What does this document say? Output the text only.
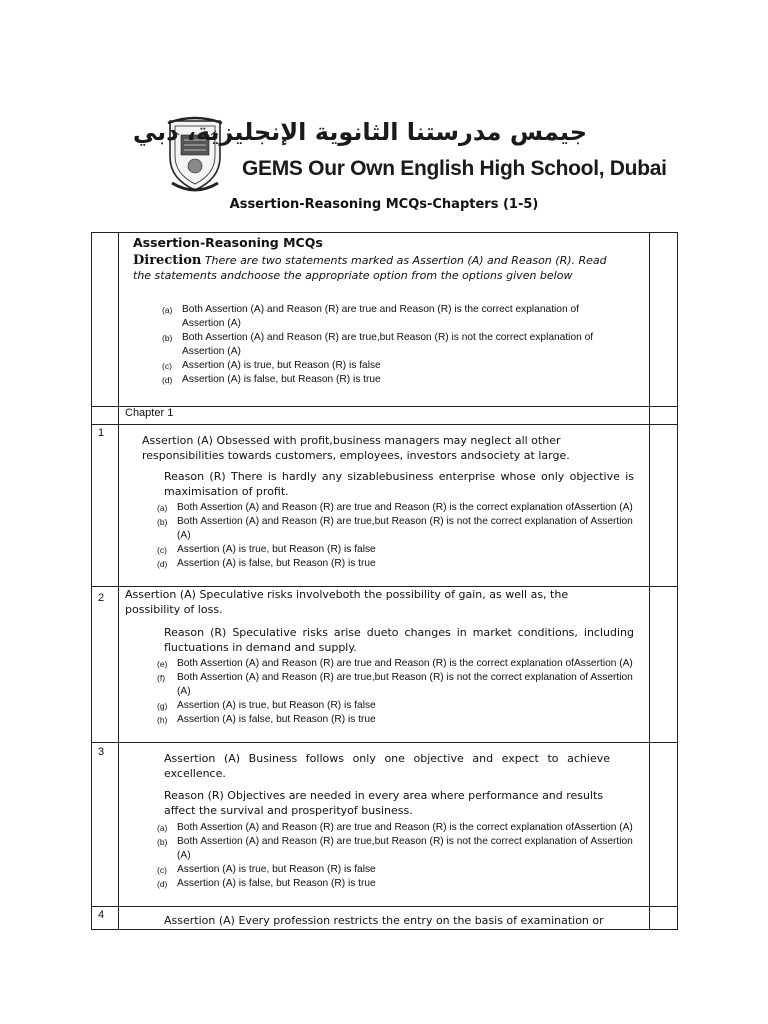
جيمس مدرستنا الثانوية الإنجليزية، دبي
GEMS Our Own English High School, Dubai
Assertion-Reasoning MCQs-Chapters (1-5)
Assertion-Reasoning MCQs
Direction There are two statements marked as Assertion (A) and Reason (R). Read the statements andchoose the appropriate option from the options given below
(a) Both Assertion (A) and Reason (R) are true and Reason (R) is the correct explanation of Assertion (A)
(b) Both Assertion (A) and Reason (R) are true,but Reason (R) is not the correct explanation of Assertion (A)
(c) Assertion (A) is true, but Reason (R) is false
(d) Assertion (A) is false, but Reason (R) is true
Chapter 1
1
Assertion (A) Obsessed with profit,business managers may neglect all other responsibilities towards customers, employees, investors andsociety at large.
Reason (R) There is hardly any sizablebusiness enterprise whose only objective is maximisation of profit.
(a) Both Assertion (A) and Reason (R) are true and Reason (R) is the correct explanation ofAssertion (A)
(b) Both Assertion (A) and Reason (R) are true,but Reason (R) is not the correct explanation of Assertion (A)
(c) Assertion (A) is true, but Reason (R) is false
(d) Assertion (A) is false, but Reason (R) is true
2 Assertion (A) Speculative risks involveboth the possibility of gain, as well as, the possibility of loss.
Reason (R) Speculative risks arise dueto changes in market conditions, including fluctuations in demand and supply.
(e) Both Assertion (A) and Reason (R) are true and Reason (R) is the correct explanation ofAssertion (A)
(f) Both Assertion (A) and Reason (R) are true,but Reason (R) is not the correct explanation of Assertion (A)
(g) Assertion (A) is true, but Reason (R) is false
(h) Assertion (A) is false, but Reason (R) is true
3	Assertion (A) Business follows only one objective and expect to achieve excellence.
Reason (R) Objectives are needed in every area where performance and results affect the survival and prosperityof business.
(a) Both Assertion (A) and Reason (R) are true and Reason (R) is the correct explanation ofAssertion (A)
(b) Both Assertion (A) and Reason (R) are true,but Reason (R) is not the correct explanation of Assertion (A)
(c) Assertion (A) is true, but Reason (R) is false
(d) Assertion (A) is false, but Reason (R) is true
4	Assertion (A) Every profession restricts the entry on the basis of examination or
